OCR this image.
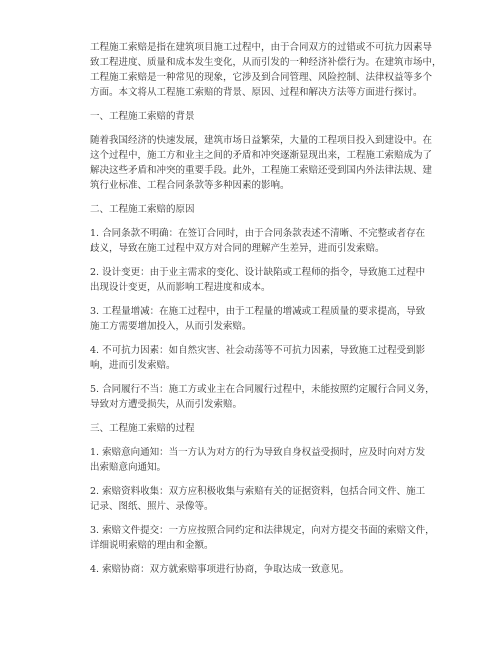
工程施工索赔是指在建筑项目施工过程中，由于合同双方的过错或不可抗力因素导
致工程进度、质量和成本发生变化，从而引发的一种经济补偿行为。在建筑市场中，
工程施工索赔是一种常见的现象，它涉及到合同管理、风险控制、法律权益等多个
方面。本文将从工程施工索赔的背景、原因、过程和解决方法等方面进行探讨。
一、工程施工索赔的背景
随着我国经济的快速发展，建筑市场日益繁荣，大量的工程项目投入到建设中。在
这个过程中，施工方和业主之间的矛盾和冲突逐渐显现出来，工程施工索赔成为了
解决这些矛盾和冲突的重要手段。此外，工程施工索赔还受到国内外法律法规、建
筑行业标准、工程合同条款等多种因素的影响。
二、工程施工索赔的原因
1. 合同条款不明确：在签订合同时，由于合同条款表述不清晰、不完整或者存在
歧义，导致在施工过程中双方对合同的理解产生差异，进而引发索赔。
2. 设计变更：由于业主需求的变化、设计缺陷或工程师的指令，导致施工过程中
出现设计变更，从而影响工程进度和成本。
3. 工程量增减：在施工过程中，由于工程量的增减或工程质量的要求提高，导致
施工方需要增加投入，从而引发索赔。
4. 不可抗力因素：如自然灾害、社会动荡等不可抗力因素，导致施工过程受到影
响，进而引发索赔。
5. 合同履行不当：施工方或业主在合同履行过程中，未能按照约定履行合同义务，
导致对方遭受损失，从而引发索赔。
三、工程施工索赔的过程
1. 索赔意向通知：当一方认为对方的行为导致自身权益受损时，应及时向对方发
出索赔意向通知。
2. 索赔资料收集：双方应积极收集与索赔有关的证据资料，包括合同文件、施工
记录、图纸、照片、录像等。
3. 索赔文件提交：一方应按照合同约定和法律规定，向对方提交书面的索赔文件，
详细说明索赔的理由和金额。
4. 索赔协商：双方就索赔事项进行协商，争取达成一致意见。
